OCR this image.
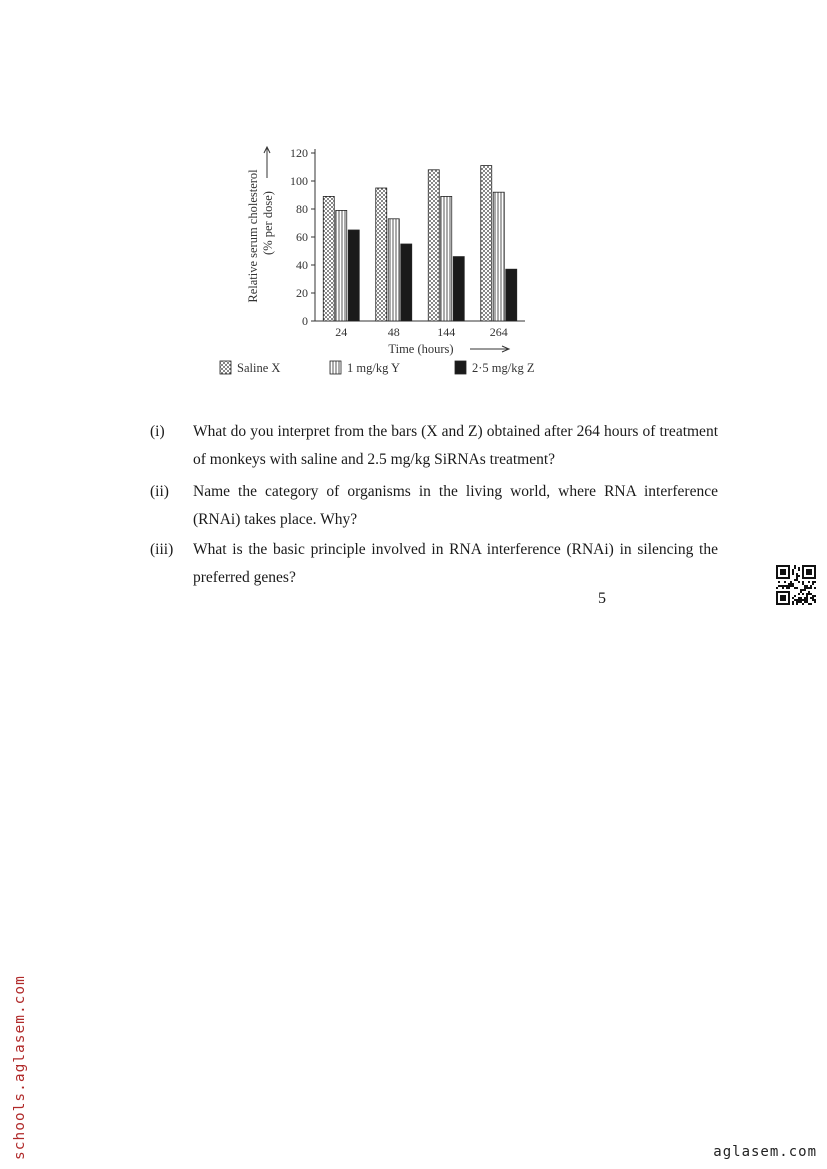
0
20
40
60
80
100
120
24	48	144	264
Relative serum cholesterol (% per dose)
Time (hours)
Saline X	1 mg/kg Y	2·5 mg/kg Z
(i) What do you interpret from the bars (X and Z) obtained after 264 hours of treatment of monkeys with saline and 2.5 mg/kg SiRNAs treatment?
(ii) Name the category of organisms in the living world, where RNA interference (RNAi) takes place. Why?
(iii) What is the basic principle involved in RNA interference (RNAi) in silencing the preferred genes?
5
schools.aglasem.com	aglasem.com
